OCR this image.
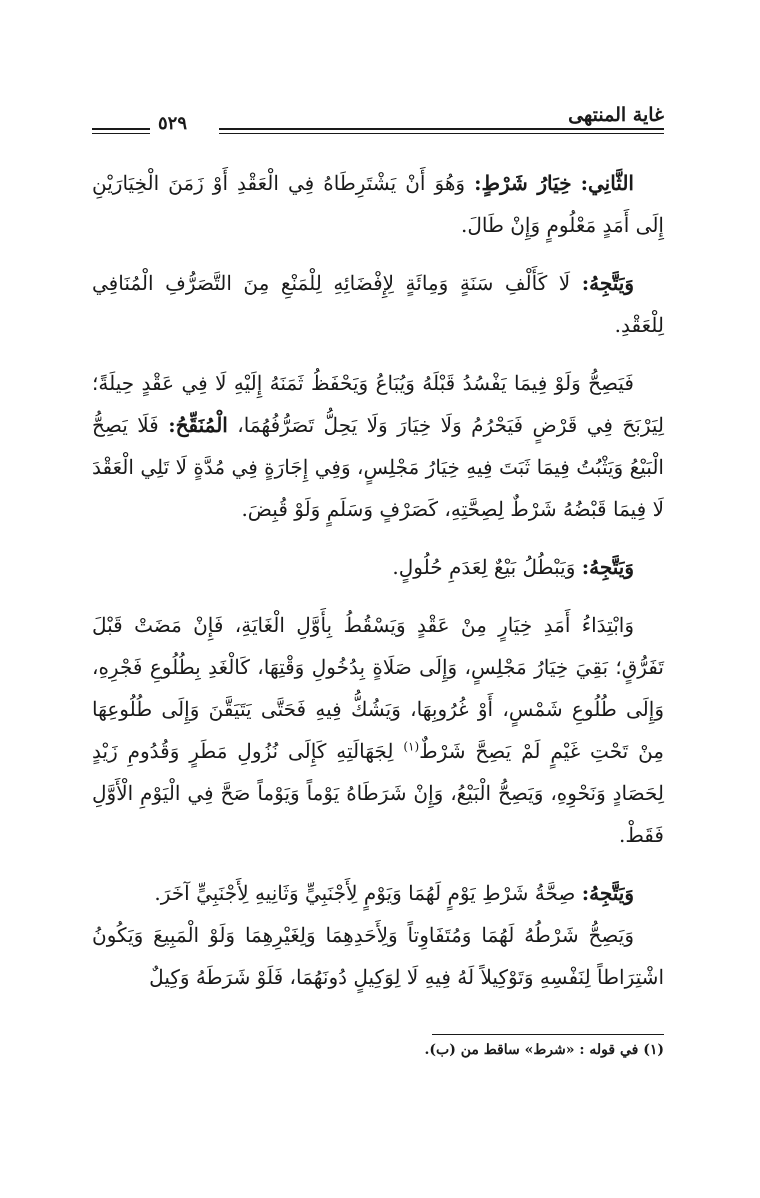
غاية المنتهى
٥٢٩

الثَّانِي: خِيَارُ شَرْطٍ: وَهُوَ أَنْ يَشْتَرِطَاهُ فِي الْعَقْدِ أَوْ زَمَنَ الْخِيَارَيْنِ إِلَى أَمَدٍ مَعْلُومٍ وَإِنْ طَالَ.

وَيَتَّجِهُ: لَا كَأَلْفِ سَنَةٍ وَمِائَةٍ لِإِفْضَائِهِ لِلْمَنْعِ مِنَ التَّصَرُّفِ الْمُنَافِي لِلْعَقْدِ.

فَيَصِحُّ وَلَوْ فِيمَا يَفْسُدُ قَبْلَهُ وَيُبَاعُ وَيَحْفَظُ ثَمَنَهُ إِلَيْهِ لَا فِي عَقْدٍ حِيلَةً؛ لِيَرْبَحَ فِي قَرْضٍ فَيَحْرُمُ وَلَا خِيَارَ وَلَا يَحِلُّ تَصَرُّفُهُمَا، الْمُنَقِّحُ: فَلَا يَصِحُّ الْبَيْعُ وَيَثْبُتُ فِيمَا ثَبَتَ فِيهِ خِيَارُ مَجْلِسٍ، وَفِي إِجَارَةٍ فِي مُدَّةٍ لَا تَلِي الْعَقْدَ لَا فِيمَا قَبْضُهُ شَرْطٌ لِصِحَّتِهِ، كَصَرْفٍ وَسَلَمٍ وَلَوْ قُبِضَ.

وَيَتَّجِهُ: وَيَبْطُلُ بَيْعٌ لِعَدَمِ حُلُولٍ.

وَابْتِدَاءُ أَمَدِ خِيَارٍ مِنْ عَقْدٍ وَيَسْقُطُ بِأَوَّلِ الْغَايَةِ، فَإِنْ مَضَتْ قَبْلَ تَفَرُّقٍ؛ بَقِيَ خِيَارُ مَجْلِسٍ، وَإِلَى صَلَاةٍ بِدُخُولِ وَقْتِهَا، كَالْغَدِ بِطُلُوعِ فَجْرِهِ، وَإِلَى طُلُوعِ شَمْسٍ، أَوْ غُرُوبِهَا، وَيَشُكُّ فِيهِ فَحَتَّى يَتَيَقَّنَ وَإِلَى طُلُوعِهَا مِنْ تَحْتِ غَيْمٍ لَمْ يَصِحَّ شَرْطٌ$^{(١)}$ لِجَهَالَتِهِ كَإِلَى نُزُولِ مَطَرٍ وَقُدُومِ زَيْدٍ لِحَصَادٍ وَنَحْوِهِ، وَيَصِحُّ الْبَيْعُ، وَإِنْ شَرَطَاهُ يَوْماً وَيَوْماً صَحَّ فِي الْيَوْمِ الْأَوَّلِ فَقَطْ.

وَيَتَّجِهُ: صِحَّةُ شَرْطِ يَوْمٍ لَهُمَا وَيَوْمٍ لِأَجْنَبِيٍّ وَثَانِيهِ لِأَجْنَبِيٍّ آخَرَ.

وَيَصِحُّ شَرْطُهُ لَهُمَا وَمُتَفَاوِتاً وَلِأَحَدِهِمَا وَلِغَيْرِهِمَا وَلَوْ الْمَبِيعَ وَيَكُونُ اشْتِرَاطاً لِنَفْسِهِ وَتَوْكِيلاً لَهُ فِيهِ لَا لِوَكِيلٍ دُونَهُمَا، فَلَوْ شَرَطَهُ وَكِيلٌ

(١) في قوله : «شرط» ساقط من (ب).
